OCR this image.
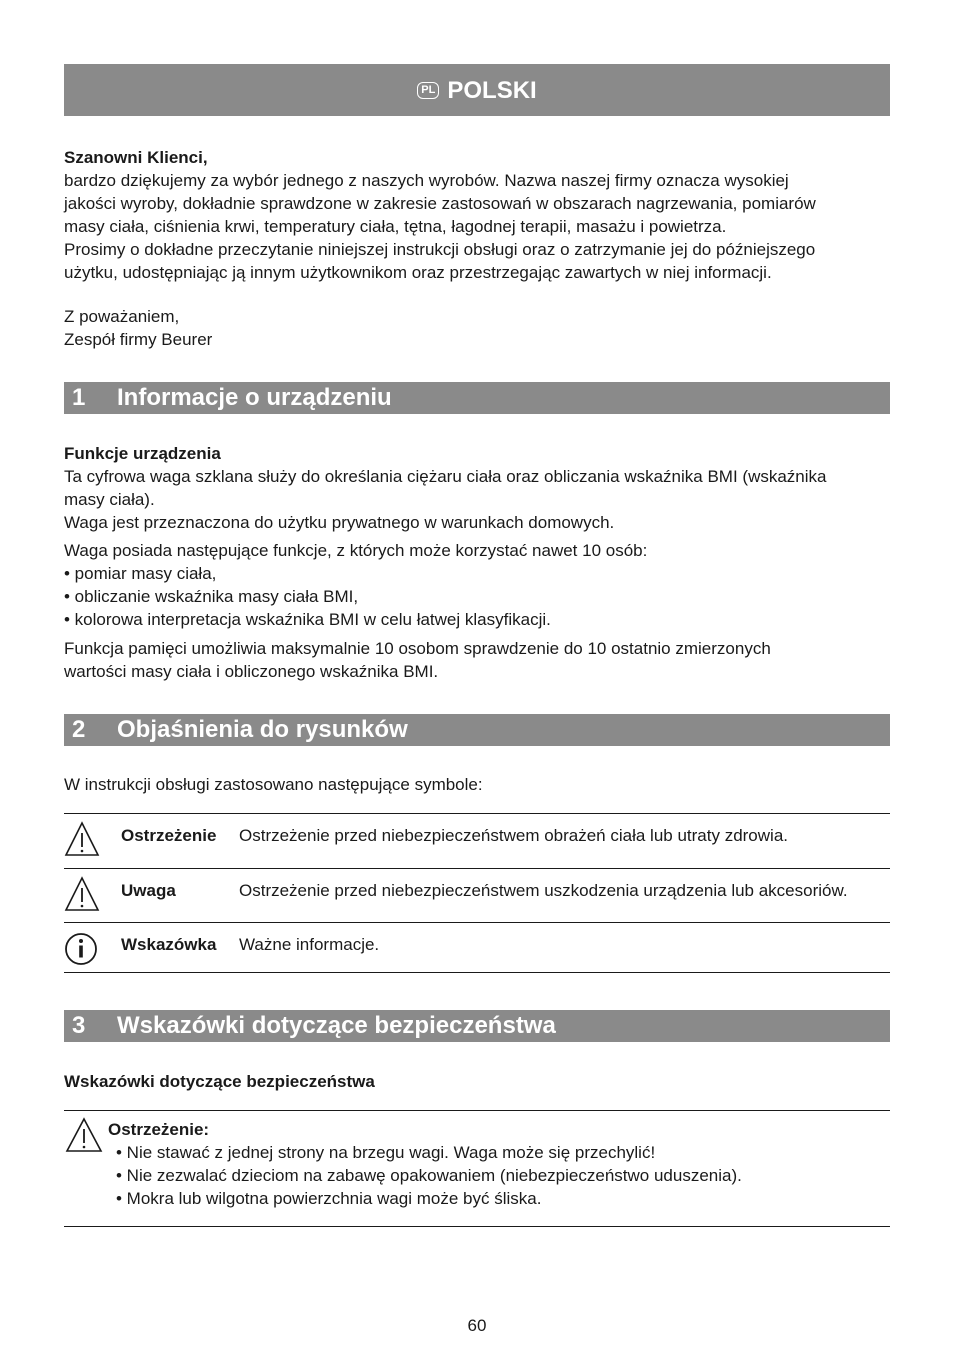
PL POLSKI

Szanowni Klienci,

bardzo dziękujemy za wybór jednego z naszych wyrobów. Nazwa naszej firmy oznacza wysokiej

jakości wyroby, dokładnie sprawdzone w zakresie zastosowań w obszarach nagrzewania, pomiarów

masy ciała, ciśnienia krwi, temperatury ciała, tętna, łagodnej terapii, masażu i powietrza.

Prosimy o dokładne przeczytanie niniejszej instrukcji obsługi oraz o zatrzymanie jej do późniejszego

użytku, udostępniając ją innym użytkownikom oraz przestrzegając zawartych w niej informacji.

Z poważaniem,

Zespół firmy Beurer

1 Informacje o urządzeniu

Funkcje urządzenia

Ta cyfrowa waga szklana służy do określania ciężaru ciała oraz obliczania wskaźnika BMI (wskaźnika

masy ciała).

Waga jest przeznaczona do użytku prywatnego w warunkach domowych.

Waga posiada następujące funkcje, z których może korzystać nawet 10 osób:

• pomiar masy ciała,

• obliczanie wskaźnika masy ciała BMI,

• kolorowa interpretacja wskaźnika BMI w celu łatwej klasyfikacji.

Funkcja pamięci umożliwia maksymalnie 10 osobom sprawdzenie do 10 ostatnio zmierzonych

wartości masy ciała i obliczonego wskaźnika BMI.

2 Objaśnienia do rysunków
W instrukcji obsługi zastosowano następujące symbole:
Ostrzeżenie Ostrzeżenie przed niebezpieczeństwem obrażeń ciała lub utraty zdrowia.
Uwaga	Ostrzeżenie przed niebezpieczeństwem uszkodzenia urządzenia lub akcesoriów.
Wskazówka Ważne informacje.
3 Wskazówki dotyczące bezpieczeństwa
Wskazówki dotyczące bezpieczeństwa

Ostrzeżenie:

• Nie stawać z jednej strony na brzegu wagi. Waga może się przechylić!

• Nie zezwalać dzieciom na zabawę opakowaniem (niebezpieczeństwo uduszenia).

• Mokra lub wilgotna powierzchnia wagi może być śliska.

60
